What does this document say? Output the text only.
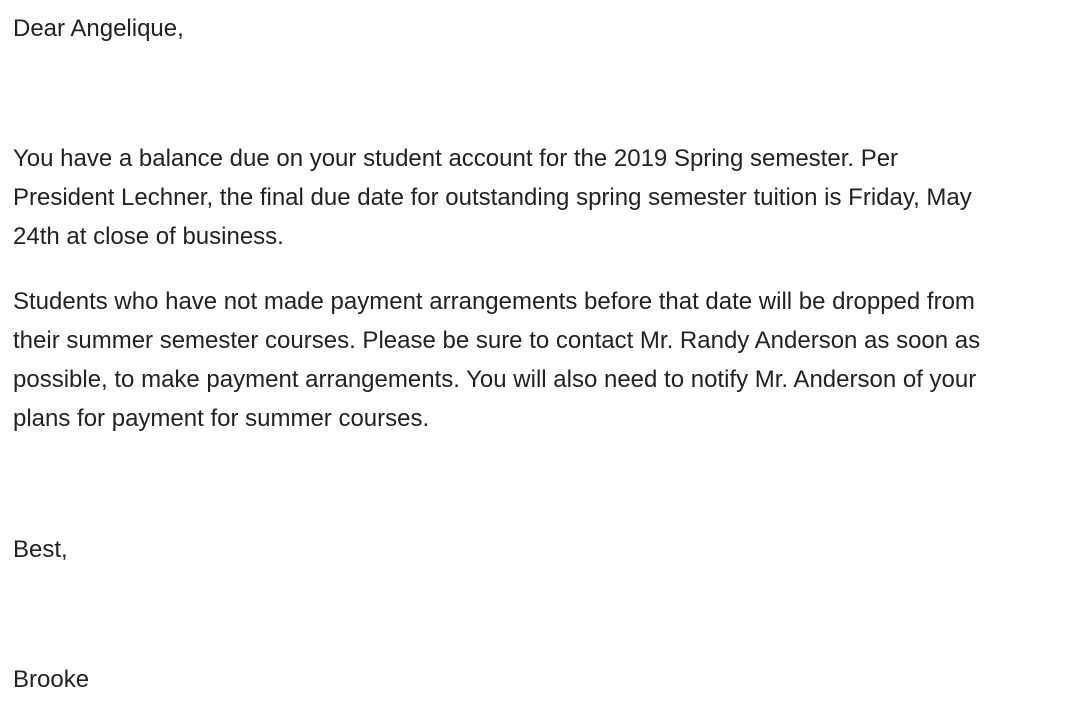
Dear Angelique,

You have a balance due on your student account for the 2019 Spring semester. Per
President Lechner, the final due date for outstanding spring semester tuition is Friday, May
24th at close of business.

Students who have not made payment arrangements before that date will be dropped from
their summer semester courses. Please be sure to contact Mr. Randy Anderson as soon as
possible, to make payment arrangements. You will also need to notify Mr. Anderson of your
plans for payment for summer courses.

Best,

Brooke
